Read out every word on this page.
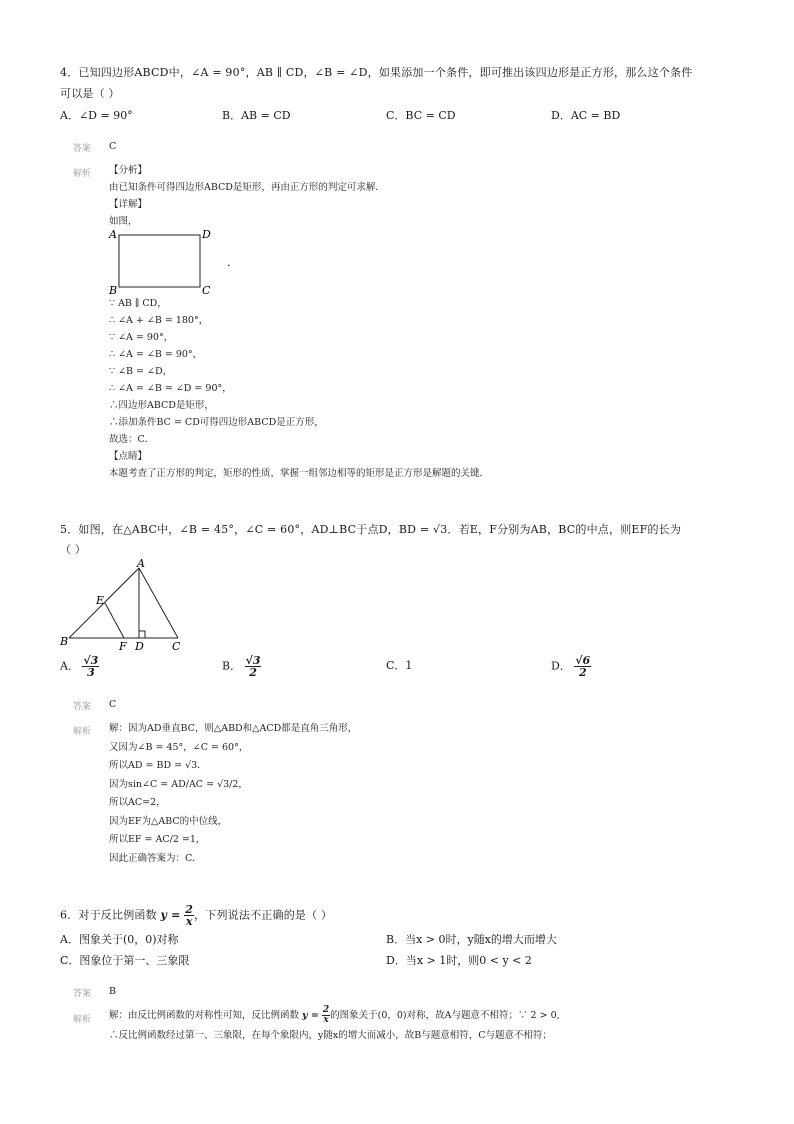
4．已知四边形ABCD中，∠A = 90°，AB ∥ CD，∠B = ∠D，如果添加一个条件，即可推出该四边形是正方形，那么这个条件
可以是（ ）
A．∠D = 90°	B．AB = CD	C．BC = CD	D．AC = BD
答案 C
解析 【分析】
由已知条件可得四边形ABCD是矩形，再由正方形的判定可求解．
【详解】
如图，
A	D
B	C
.
∵ AB ∥ CD，
∴ ∠A + ∠B = 180°，
∵ ∠A = 90°，
∴ ∠A = ∠B = 90°，
∵ ∠B = ∠D，
∴ ∠A = ∠B = ∠D = 90°，
∴四边形ABCD是矩形，
∴添加条件BC = CD可得四边形ABCD是正方形，
故选：C．
【点睛】
本题考查了正方形的判定，矩形的性质，掌握一组邻边相等的矩形是正方形是解题的关键．
5．如图，在△ABC中，∠B = 45°，∠C = 60°，AD⊥BC于点D，BD = √3．若E，F分别为AB，BC的中点，则EF的长为
（ ）
A
B	C
D
E
F
A． $\frac{√3}{3}$	B． $\frac{√3}{2}$	C．1	D． $\frac{√6}{2}$
答案 C
解析 解：因为AD垂直BC，则△ABD和△ACD都是直角三角形，
又因为∠B = 45°，∠C = 60°，
所以AD = BD = √3．
因为sin∠C = AD/AC = √3/2，
所以AC=2，
因为EF为△ABC的中位线，
所以EF = AC/2 =1，
因此正确答案为：C．
6．对于反比例函数 $y = \frac{2}{x}$ ，下列说法不正确的是（ ）
A．图象关于(0，0)对称	B．当x > 0时，y随x的增大而增大
C．图象位于第一、三象限	D．当x > 1时，则0 < y < 2
答案 B
解析 解：由反比例函数的对称性可知，反比例函数 $y = \frac{2}{x}$ 的图象关于(0，0)对称，故A与题意不相符；∵ 2 > 0,
∴反比例函数经过第一、三象限，在每个象限内，y随x的增大而减小，故B与题意相符，C与题意不相符；
